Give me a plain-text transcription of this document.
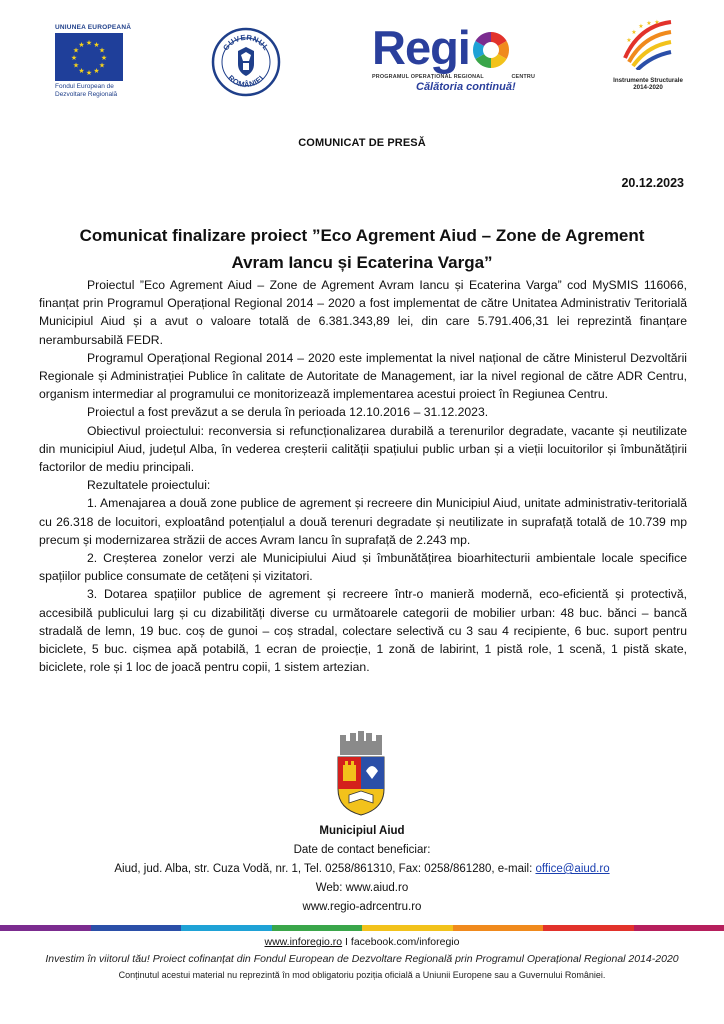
UNIUNEA EUROPEANĂ
★ ★
★
★
★
★
★
★
★
★
★
★
Fondul European de
Dezvoltare Regională
GUVERNUL
ROMÂNIEI
Regi
PROGRAMUL OPERAȚIONAL REGIONAL	CENTRU
Călătoria continuă!
★ ★ ★
★
★
Instrumente Structurale
2014-2020
COMUNICAT DE PRESĂ
20.12.2023
Comunicat finalizare proiect ”Eco Agrement Aiud – Zone de Agrement
Avram Iancu și Ecaterina Varga”

Proiectul ”Eco Agrement Aiud – Zone de Agrement Avram Iancu și Ecaterina Varga” cod MySMIS 116066, finanțat prin Programul Operațional Regional 2014 – 2020 a fost implementat de către Unitatea Administrativ Teritorială Municipiul Aiud și a avut o valoare totală de 6.381.343,89 lei, din care 5.791.406,31 lei reprezintă finanțare nerambursabilă FEDR.

Programul Operațional Regional 2014 – 2020 este implementat la nivel național de către Ministerul Dezvoltării Regionale și Administrației Publice în calitate de Autoritate de Management, iar la nivel regional de către ADR Centru, organism intermediar al programului ce monitorizează implementarea acestui proiect în Regiunea Centru.

Proiectul a fost prevăzut a se derula în perioada 12.10.2016 – 31.12.2023.

Obiectivul proiectului: reconversia si refuncționalizarea durabilă a terenurilor degradate, vacante și neutilizate din municipiul Aiud, județul Alba, în vederea creșterii calității spațiului public urban și a vieții locuitorilor și îmbunătățirii factorilor de mediu principali.

Rezultatele proiectului:

1. Amenajarea a două zone publice de agrement și recreere din Municipiul Aiud, unitate administrativ-teritorială cu 26.318 de locuitori, exploatând potențialul a două terenuri degradate și neutilizate in suprafață totală de 10.739 mp precum și modernizarea străzii de acces Avram Iancu în suprafață de 2.243 mp.

2. Creșterea zonelor verzi ale Municipiului Aiud și îmbunătățirea bioarhitecturii ambientale locale specifice spațiilor publice consumate de cetățeni și vizitatori.

3. Dotarea spațiilor publice de agrement și recreere într-o manieră modernă, eco-eficientă și protectivă, accesibilă publicului larg și cu dizabilități diverse cu următoarele categorii de mobilier urban: 48 buc. bănci – bancă stradală de lemn, 19 buc. coș de gunoi – coș stradal, colectare selectivă cu 3 sau 4 recipiente, 6 buc. suport pentru biciclete, 5 buc. cișmea apă potabilă, 1 ecran de proiecție, 1 zonă de labirint, 1 pistă role, 1 scenă, 1 pistă skate, biciclete, role și 1 loc de joacă pentru copii, 1 sistem artezian.

Municipiul Aiud
Date de contact beneficiar:
Aiud, jud. Alba, str. Cuza Vodă, nr. 1, Tel. 0258/861310, Fax: 0258/861280, e-mail: office@aiud.ro
Web: www.aiud.ro
www.regio-adrcentru.ro
www.inforegio.ro I facebook.com/inforegio
Investim în viitorul tău! Proiect cofinanțat din Fondul European de Dezvoltare Regională prin Programul Operațional Regional 2014-2020
Conținutul acestui material nu reprezintă în mod obligatoriu poziția oficială a Uniunii Europene sau a Guvernului României.
